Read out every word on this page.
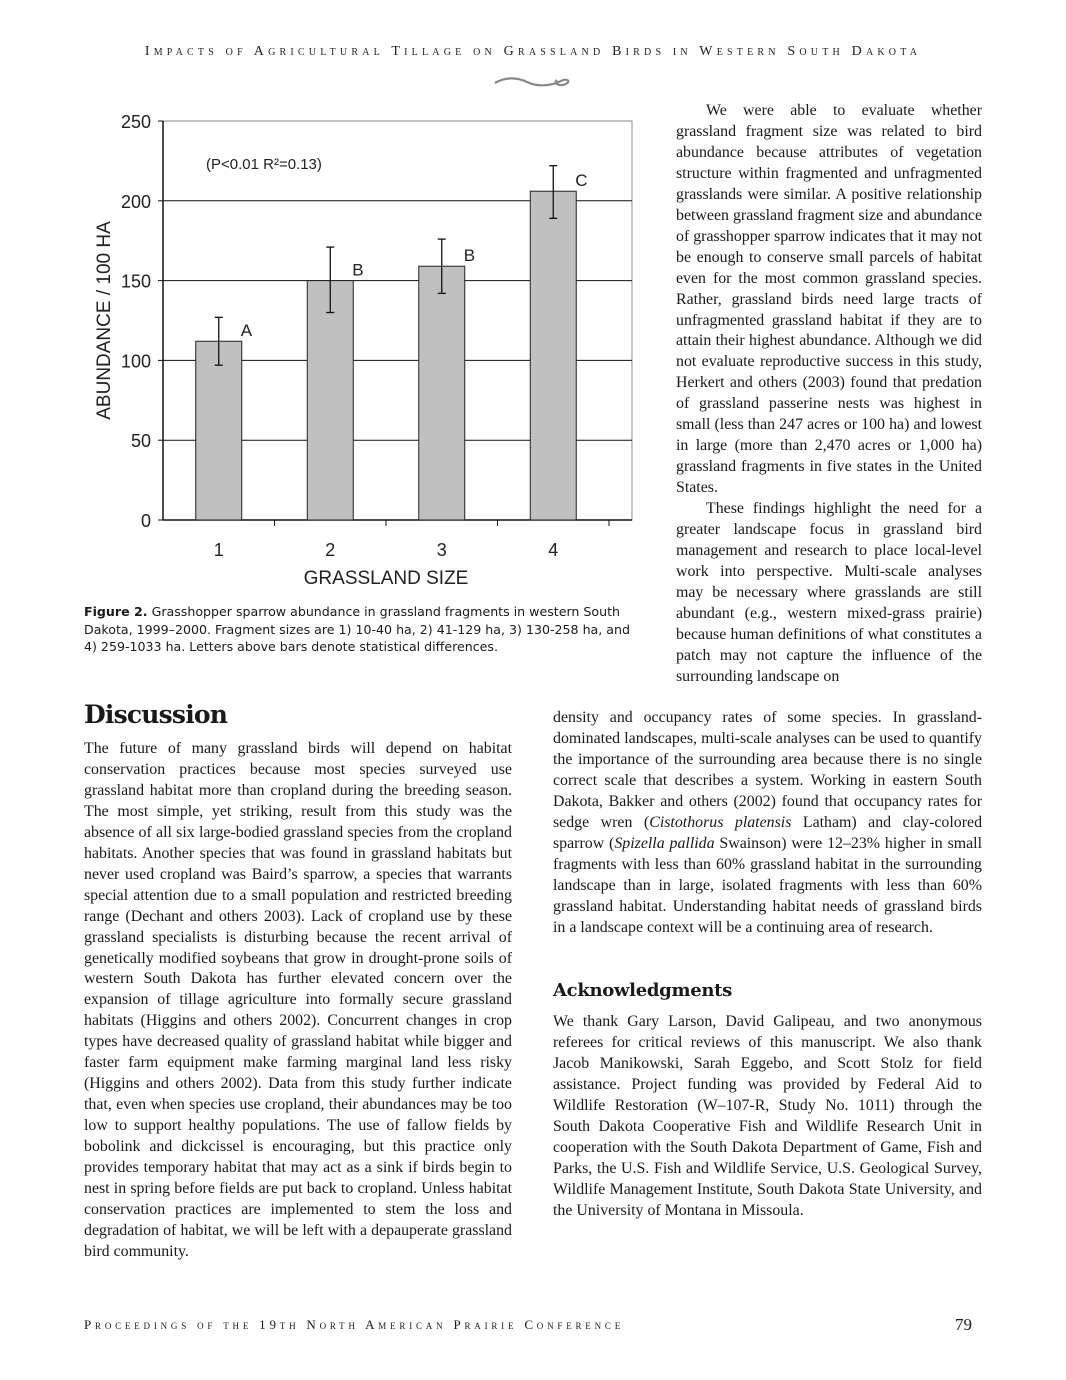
Impacts of Agricultural Tillage on Grassland Birds in Western South Dakota
0
50
100
150
200
250
A
1
B
2
B
3
C
4
GRASSLAND SIZE
ABUNDANCE / 100 HA
(P<0.01 R²=0.13)
Figure 2. Grasshopper sparrow abundance in grassland fragments in western South Dakota, 1999–2000. Fragment sizes are 1) 10-40 ha, 2) 41-129 ha, 3) 130-258 ha, and 4) 259-1033 ha. Letters above bars denote statistical differences.
Discussion

The future of many grassland birds will depend on habitat conservation practices because most species surveyed use grassland habitat more than cropland during the breeding season. The most simple, yet striking, result from this study was the absence of all six large-bodied grassland species from the cropland habitats. Another species that was found in grassland habitats but never used cropland was Baird’s sparrow, a species that warrants special attention due to a small population and restricted breeding range (Dechant and others 2003). Lack of cropland use by these grassland specialists is disturbing because the recent arrival of genetically modified soybeans that grow in drought-prone soils of western South Dakota has further elevated concern over the expansion of tillage agriculture into formally secure grassland habitats (Higgins and others 2002). Concurrent changes in crop types have decreased quality of grassland habitat while bigger and faster farm equipment make farming marginal land less risky (Higgins and others 2002). Data from this study further indicate that, even when species use cropland, their abundances may be too low to support healthy populations. The use of fallow fields by bobolink and dickcissel is encouraging, but this practice only provides temporary habitat that may act as a sink if birds begin to nest in spring before fields are put back to cropland. Unless habitat conservation practices are implemented to stem the loss and degradation of habitat, we will be left with a depauperate grassland bird community.

We were able to evaluate whether grassland fragment size was related to bird abundance because attributes of vegetation structure within fragmented and unfragmented grasslands were similar. A positive relationship between grassland fragment size and abundance of grasshopper sparrow indicates that it may not be enough to conserve small parcels of habitat even for the most common grassland species. Rather, grassland birds need large tracts of unfragmented grassland habitat if they are to attain their highest abundance. Although we did not evaluate reproductive success in this study, Herkert and others (2003) found that predation of grassland passerine nests was highest in small (less than 247 acres or 100 ha) and lowest in large (more than 2,470 acres or 1,000 ha) grassland fragments in five states in the United States.

These findings highlight the need for a greater landscape focus in grassland bird management and research to place local-level work into perspective. Multi-scale analyses may be necessary where grasslands are still abundant (e.g., western mixed-grass prairie) because human definitions of what constitutes a patch may not capture the influence of the surrounding landscape on

density and occupancy rates of some species. In grassland-dominated landscapes, multi-scale analyses can be used to quantify the importance of the surrounding area because there is no single correct scale that describes a system. Working in eastern South Dakota, Bakker and others (2002) found that occupancy rates for sedge wren (Cistothorus platensis Latham) and clay-colored sparrow (Spizella pallida Swainson) were 12–23% higher in small fragments with less than 60% grassland habitat in the surrounding landscape than in large, isolated fragments with less than 60% grassland habitat. Understanding habitat needs of grassland birds in a landscape context will be a continuing area of research.

Acknowledgments

We thank Gary Larson, David Galipeau, and two anonymous referees for critical reviews of this manuscript. We also thank Jacob Manikowski, Sarah Eggebo, and Scott Stolz for field assistance. Project funding was provided by Federal Aid to Wildlife Restoration (W–107-R, Study No. 1011) through the South Dakota Cooperative Fish and Wildlife Research Unit in cooperation with the South Dakota Department of Game, Fish and Parks, the U.S. Fish and Wildlife Service, U.S. Geological Survey, Wildlife Management Institute, South Dakota State University, and the University of Montana in Missoula.

Proceedings of the 19th North American Prairie Conference	79
